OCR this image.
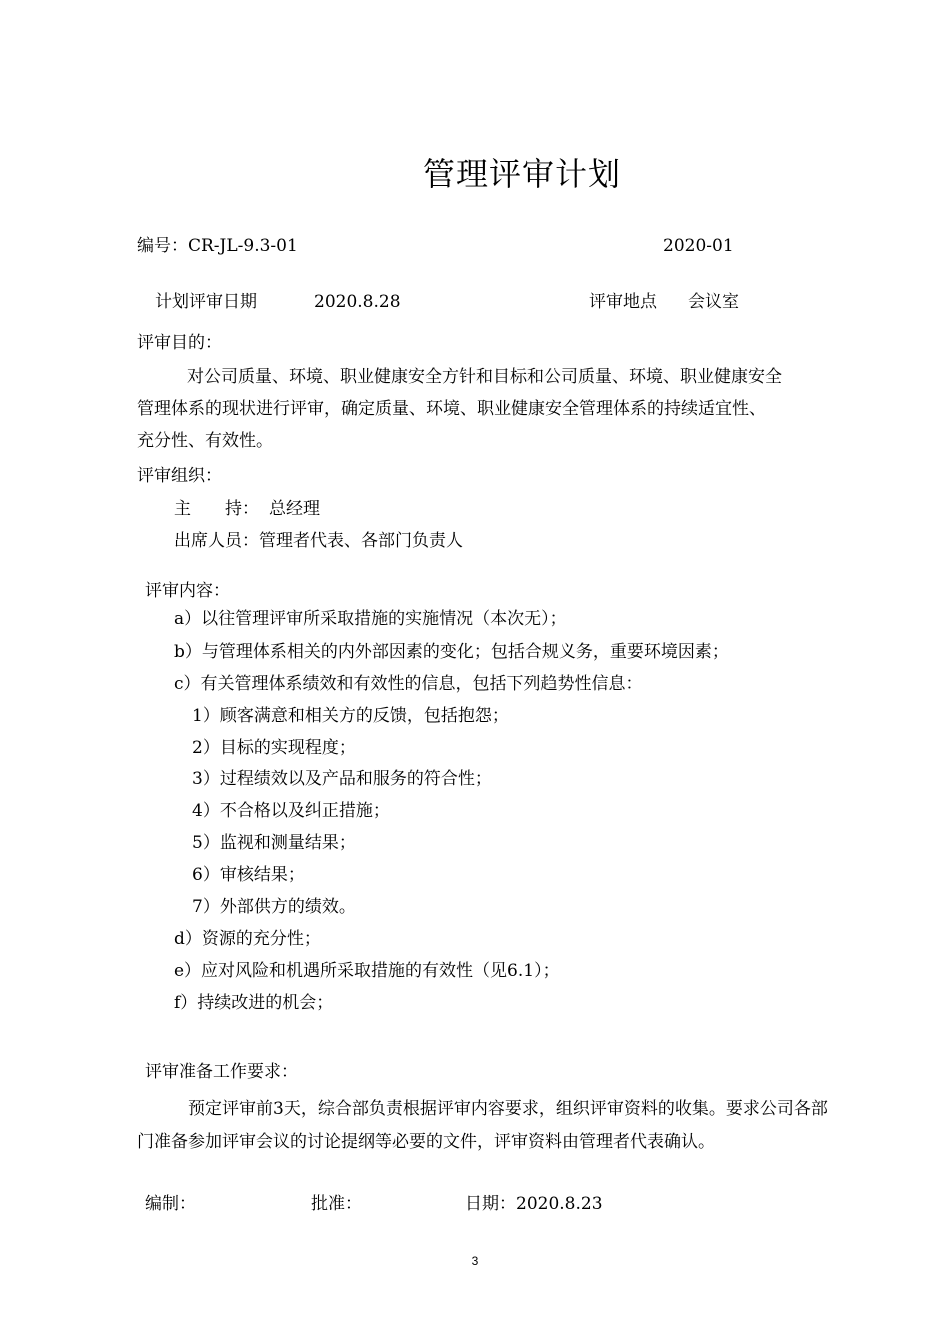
管理评审计划
编号：CR-JL-9.3-01	2020-01
计划评审日期	2020.8.28	评审地点 会议室
评审目的：
对公司质量、环境、职业健康安全方针和目标和公司质量、环境、职业健康安全
管理体系的现状进行评审，确定质量、环境、职业健康安全管理体系的持续适宜性、
充分性、有效性。
评审组织：
主　　持： 总经理
出席人员：管理者代表、各部门负责人
评审内容：
a）以往管理评审所采取措施的实施情况（本次无）；
b）与管理体系相关的内外部因素的变化；包括合规义务，重要环境因素；
c）有关管理体系绩效和有效性的信息，包括下列趋势性信息：
1）顾客满意和相关方的反馈，包括抱怨；
2）目标的实现程度；
3）过程绩效以及产品和服务的符合性；
4）不合格以及纠正措施；
5）监视和测量结果；
6）审核结果；
7）外部供方的绩效。
d）资源的充分性；
e）应对风险和机遇所采取措施的有效性（见6.1）；
f）持续改进的机会；
评审准备工作要求：
预定评审前3天，综合部负责根据评审内容要求，组织评审资料的收集。要求公司各部门准备参加评审会议的讨论提纲等必要的文件，评审资料由管理者代表确认。
编制：	批准：	日期：2020.8.23
3
